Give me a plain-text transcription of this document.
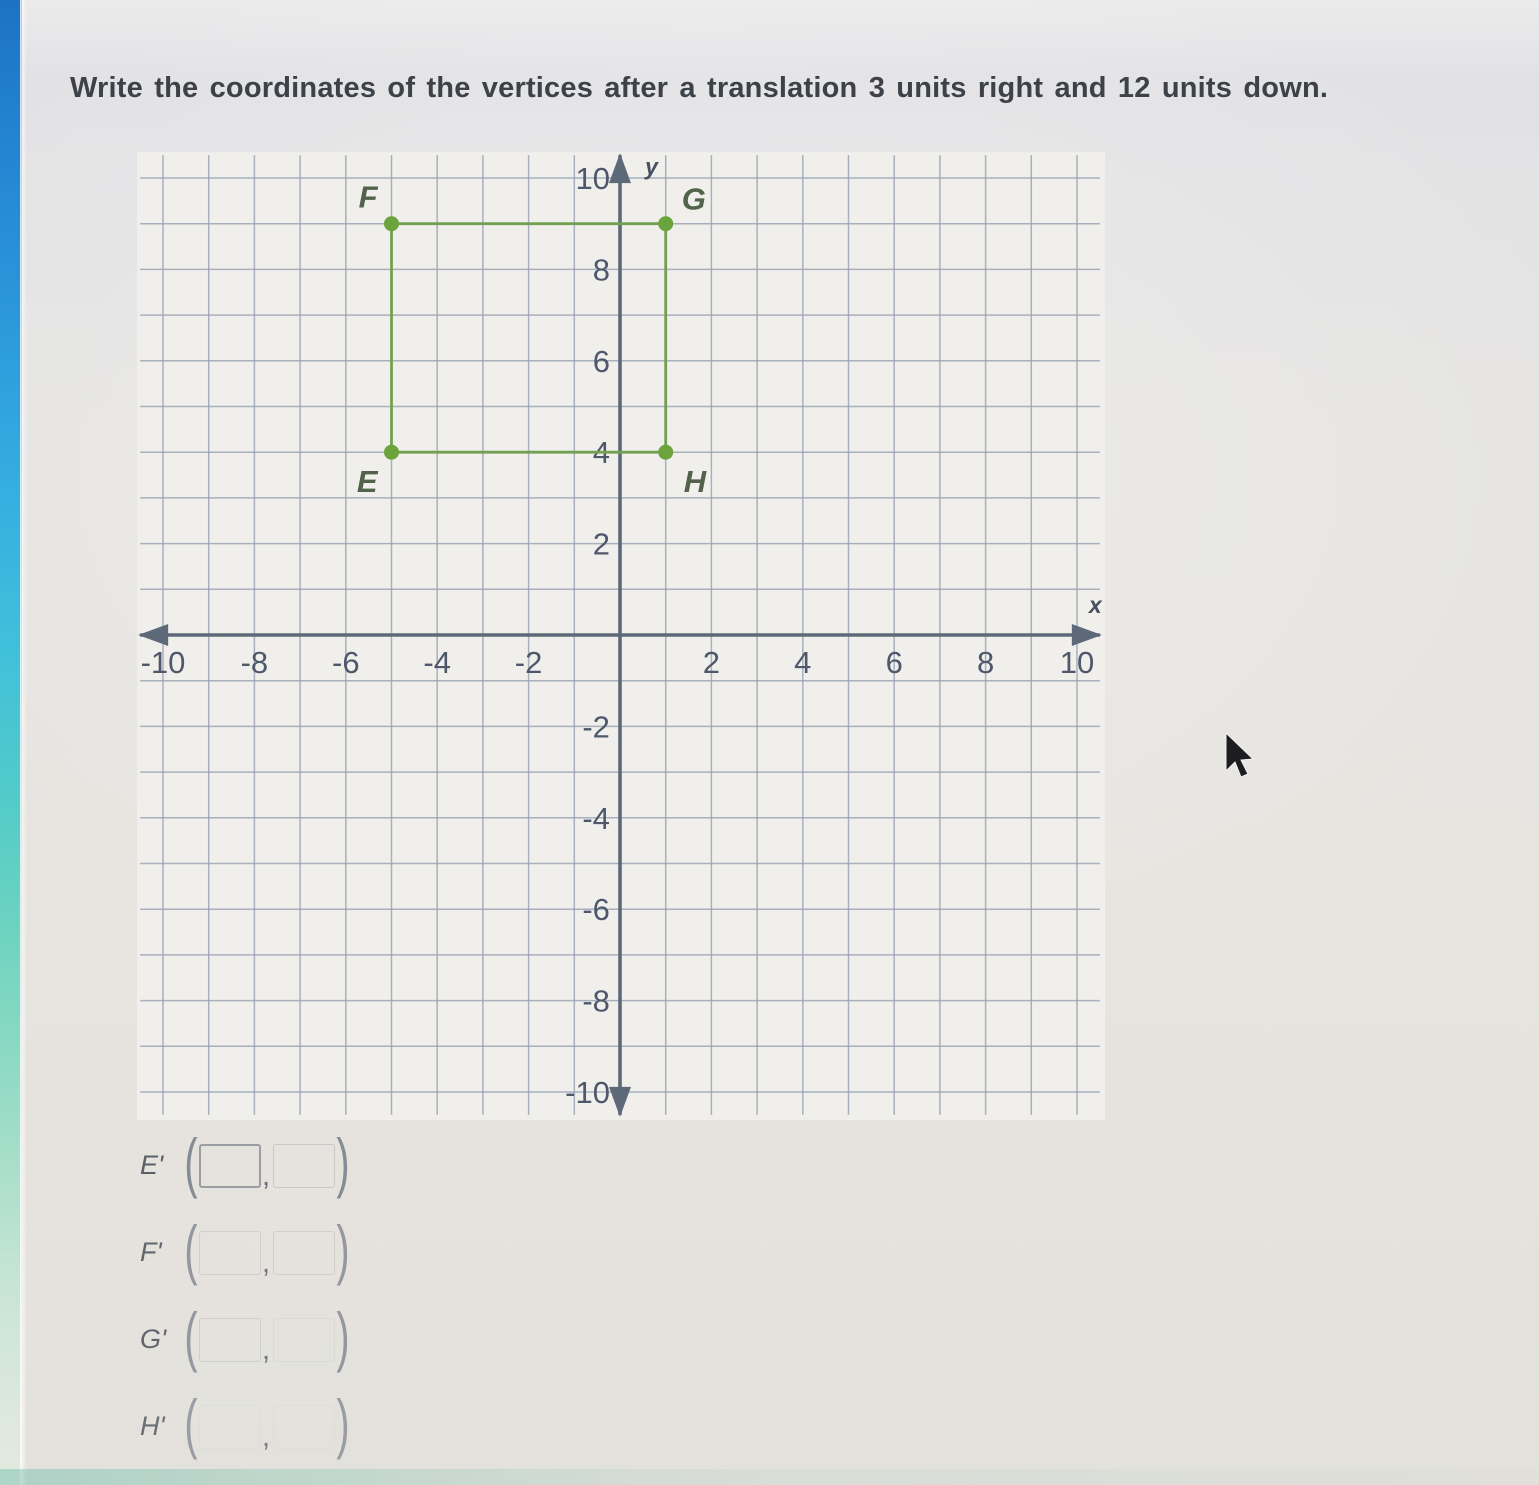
Write the coordinates of the vertices after a translation 3 units right and 12 units down.
x
y
-10 -8 -6 -4 -2	2 4 6 8 10
10
8
6
4
2
-2
-4
-6
-8
-10
E
F	G
H
E' ( , )
F' ( , )
G' ( , )
H' ( , )
